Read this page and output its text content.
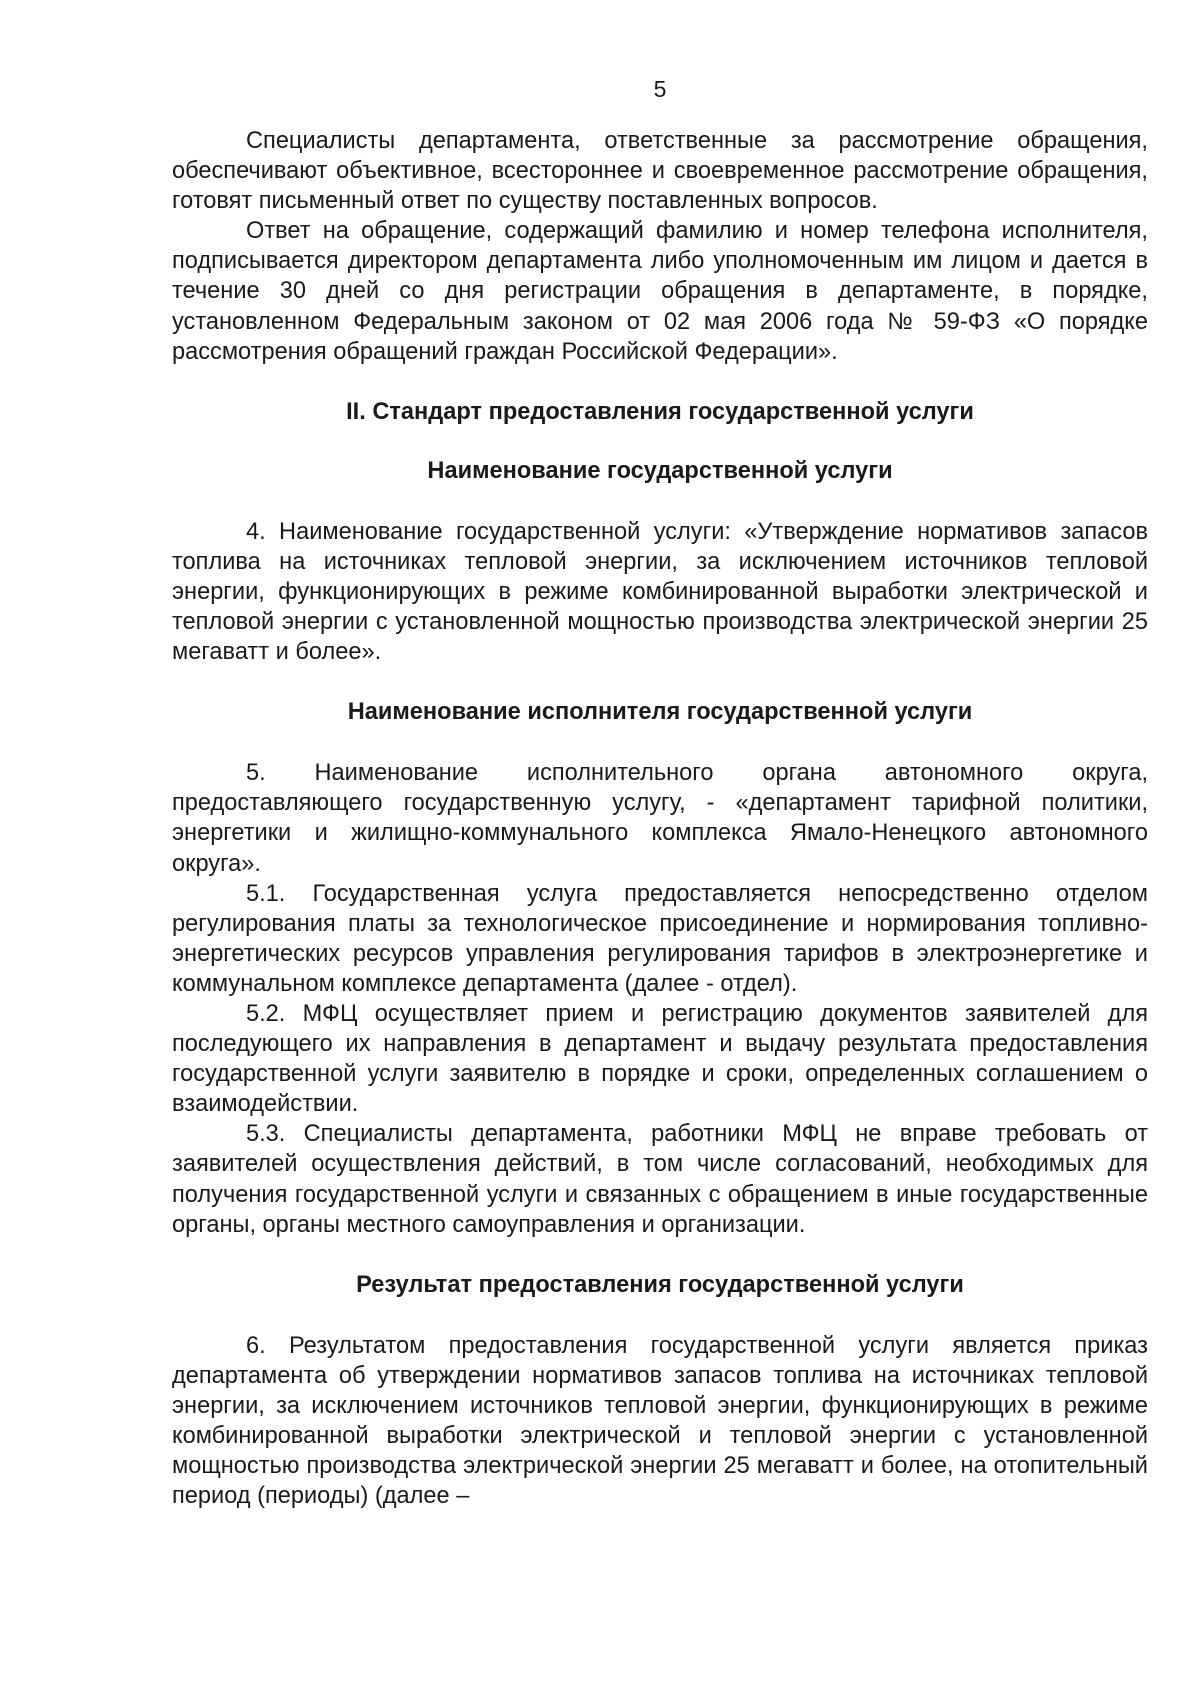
5

Специалисты департамента, ответственные за рассмотрение обращения, обеспечивают объективное, всестороннее и своевременное рассмотрение обращения, готовят письменный ответ по существу поставленных вопросов.

Ответ на обращение, содержащий фамилию и номер телефона исполнителя, подписывается директором департамента либо уполномоченным им лицом и дается в течение 30 дней со дня регистрации обращения в департаменте, в порядке, установленном Федеральным законом от 02 мая 2006 года № 59-ФЗ «О порядке рассмотрения обращений граждан Российской Федерации».

II. Стандарт предоставления государственной услуги
Наименование государственной услуги

4. Наименование государственной услуги: «Утверждение нормативов запасов топлива на источниках тепловой энергии, за исключением источников тепловой энергии, функционирующих в режиме комбинированной выработки электрической и тепловой энергии с установленной мощностью производства электрической энергии 25 мегаватт и более».

Наименование исполнителя государственной услуги

5. Наименование исполнительного органа автономного округа, предоставляющего государственную услугу, - «департамент тарифной политики, энергетики и жилищно-коммунального комплекса Ямало-Ненецкого автономного округа».

5.1. Государственная услуга предоставляется непосредственно отделом регулирования платы за технологическое присоединение и нормирования топливно-энергетических ресурсов управления регулирования тарифов в электроэнергетике и коммунальном комплексе департамента (далее - отдел).

5.2. МФЦ осуществляет прием и регистрацию документов заявителей для последующего их направления в департамент и выдачу результата предоставления государственной услуги заявителю в порядке и сроки, определенных соглашением о взаимодействии.

5.3. Специалисты департамента, работники МФЦ не вправе требовать от заявителей осуществления действий, в том числе согласований, необходимых для получения государственной услуги и связанных с обращением в иные государственные органы, органы местного самоуправления и организации.

Результат предоставления государственной услуги

6. Результатом предоставления государственной услуги является приказ департамента об утверждении нормативов запасов топлива на источниках тепловой энергии, за исключением источников тепловой энергии, функционирующих в режиме комбинированной выработки электрической и тепловой энергии с установленной мощностью производства электрической энергии 25 мегаватт и более, на отопительный период (периоды) (далее –
